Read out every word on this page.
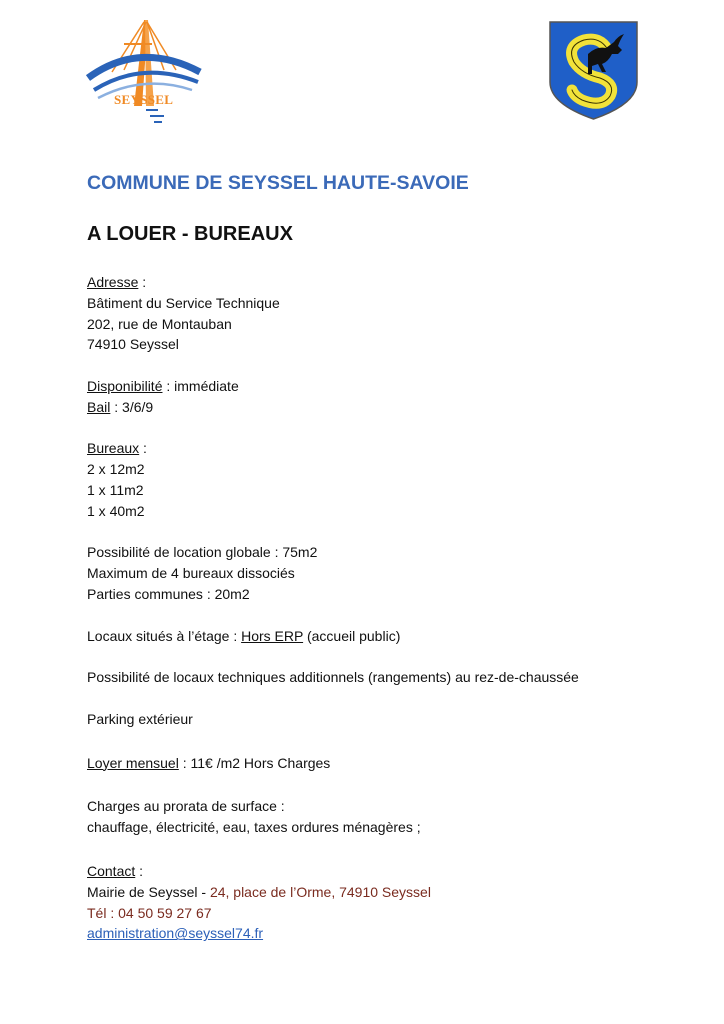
SEYSSEL
COMMUNE DE SEYSSEL HAUTE-SAVOIE
A LOUER - BUREAUX
Adresse :
Bâtiment du Service Technique
202, rue de Montauban
74910 Seyssel
Disponibilité : immédiate
Bail : 3/6/9
Bureaux :
2 x 12m2
1 x 11m2
1 x 40m2
Possibilité de location globale : 75m2
Maximum de 4 bureaux dissociés
Parties communes : 20m2
Locaux situés à l’étage : Hors ERP (accueil public)
Possibilité de locaux techniques additionnels (rangements) au rez-de-chaussée
Parking extérieur
Loyer mensuel : 11€ /m2 Hors Charges
Charges au prorata de surface :
chauffage, électricité, eau, taxes ordures ménagères ;
Contact :
Mairie de Seyssel - 24, place de l’Orme, 74910 Seyssel
Tél : 04 50 59 27 67
administration@seyssel74.fr
